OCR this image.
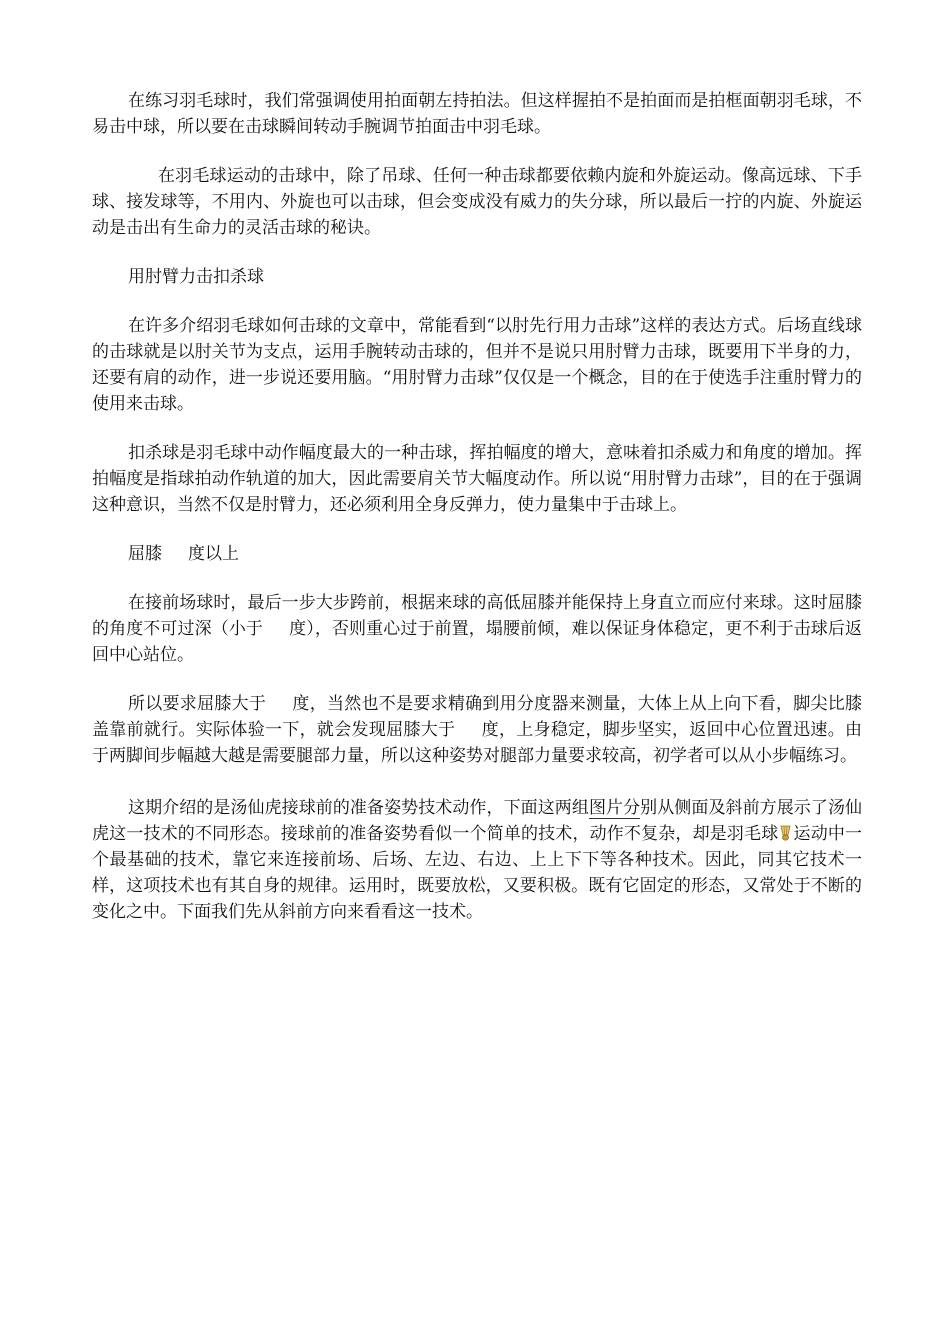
在练习羽毛球时，我们常强调使用拍面朝左持拍法。但这样握拍不是拍面而是拍框面朝羽毛球，不易击中球，所以要在击球瞬间转动手腕调节拍面击中羽毛球。

在羽毛球运动的击球中，除了吊球、任何一种击球都要依赖内旋和外旋运动。像高远球、下手球、接发球等，不用内、外旋也可以击球，但会变成没有威力的失分球，所以最后一拧的内旋、外旋运动是击出有生命力的灵活击球的秘诀。

用肘臂力击扣杀球

在许多介绍羽毛球如何击球的文章中，常能看到“以肘先行用力击球”这样的表达方式。后场直线球的击球就是以肘关节为支点，运用手腕转动击球的，但并不是说只用肘臂力击球，既要用下半身的力，还要有肩的动作，进一步说还要用脑。“用肘臂力击球”仅仅是一个概念，目的在于使选手注重肘臂力的使用来击球。

扣杀球是羽毛球中动作幅度最大的一种击球，挥拍幅度的增大，意味着扣杀威力和角度的增加。挥拍幅度是指球拍动作轨道的加大，因此需要肩关节大幅度动作。所以说“用肘臂力击球”，目的在于强调这种意识，当然不仅是肘臂力，还必须利用全身反弹力，使力量集中于击球上。

屈膝 度以上

在接前场球时，最后一步大步跨前，根据来球的高低屈膝并能保持上身直立而应付来球。这时屈膝的角度不可过深（小于 度），否则重心过于前置，塌腰前倾，难以保证身体稳定，更不利于击球后返回中心站位。

所以要求屈膝大于 度，当然也不是要求精确到用分度器来测量，大体上从上向下看，脚尖比膝盖靠前就行。实际体验一下，就会发现屈膝大于 度，上身稳定，脚步坚实，返回中心位置迅速。由于两脚间步幅越大越是需要腿部力量，所以这种姿势对腿部力量要求较高，初学者可以从小步幅练习。

这期介绍的是汤仙虎接球前的准备姿势技术动作，下面这两组图片分别从侧面及斜前方展示了汤仙虎这一技术的不同形态。接球前的准备姿势看似一个简单的技术，动作不复杂，却是羽毛球 运动中一个最基础的技术，靠它来连接前场、后场、左边、右边、上上下下等各种技术。因此，同其它技术一样，这项技术也有其自身的规律。运用时，既要放松，又要积极。既有它固定的形态，又常处于不断的变化之中。下面我们先从斜前方向来看看这一技术。
